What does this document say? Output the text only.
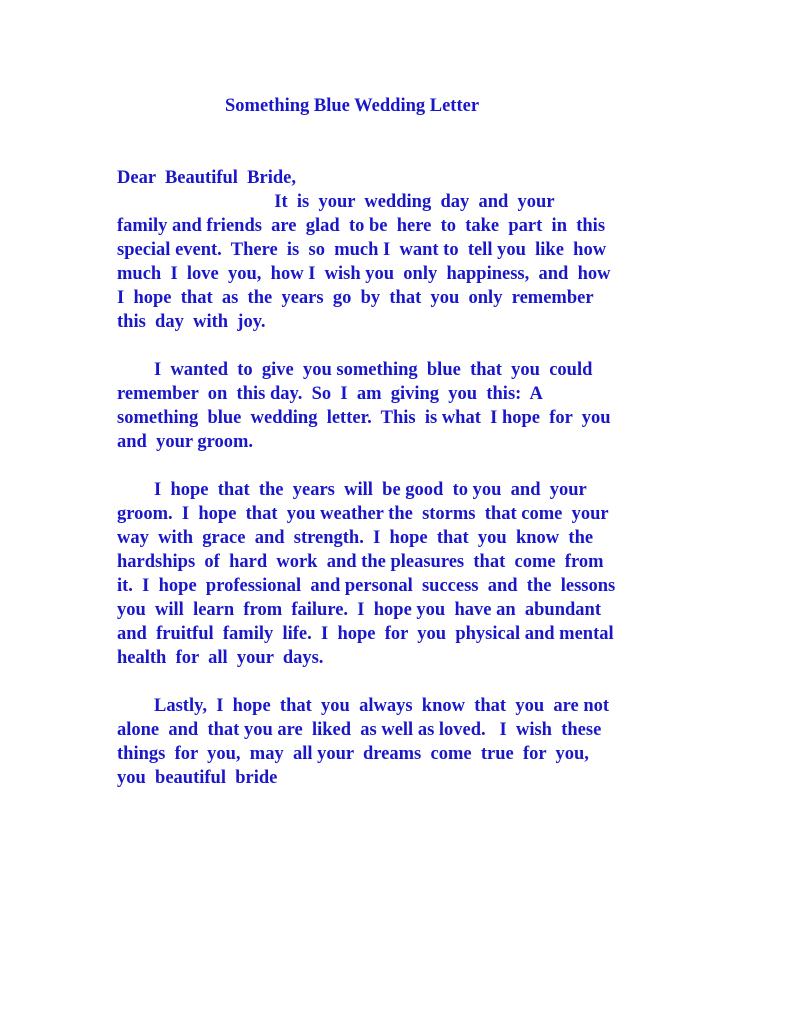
Something Blue Wedding Letter
Dear  Beautiful  Bride,
It  is  your  wedding  day  and  your
family and friends  are  glad  to be  here  to  take  part  in  this
special event.  There  is  so  much I  want to  tell you  like  how
much  I  love  you,  how I  wish you  only  happiness,  and  how
I  hope  that  as  the  years  go  by  that  you  only  remember
this  day  with  joy.
I  wanted  to  give  you something  blue  that  you  could
remember  on  this day.  So  I  am  giving  you  this:  A
something  blue  wedding  letter.  This  is what  I hope  for  you
and  your groom.
I  hope  that  the  years  will  be good  to you  and  your
groom.  I  hope  that  you weather the  storms  that come  your
way  with  grace  and  strength.  I  hope  that  you  know  the
hardships  of  hard  work  and the pleasures  that  come  from
it.  I  hope  professional  and personal  success  and  the  lessons
you  will  learn  from  failure.  I  hope you  have an  abundant
and  fruitful  family  life.  I  hope  for  you  physical and mental
health  for  all  your  days.
Lastly,  I  hope  that  you  always  know  that  you  are not
alone  and  that you are  liked  as well as loved.   I  wish  these
things  for  you,  may  all your  dreams  come  true  for  you,
you  beautiful  bride
